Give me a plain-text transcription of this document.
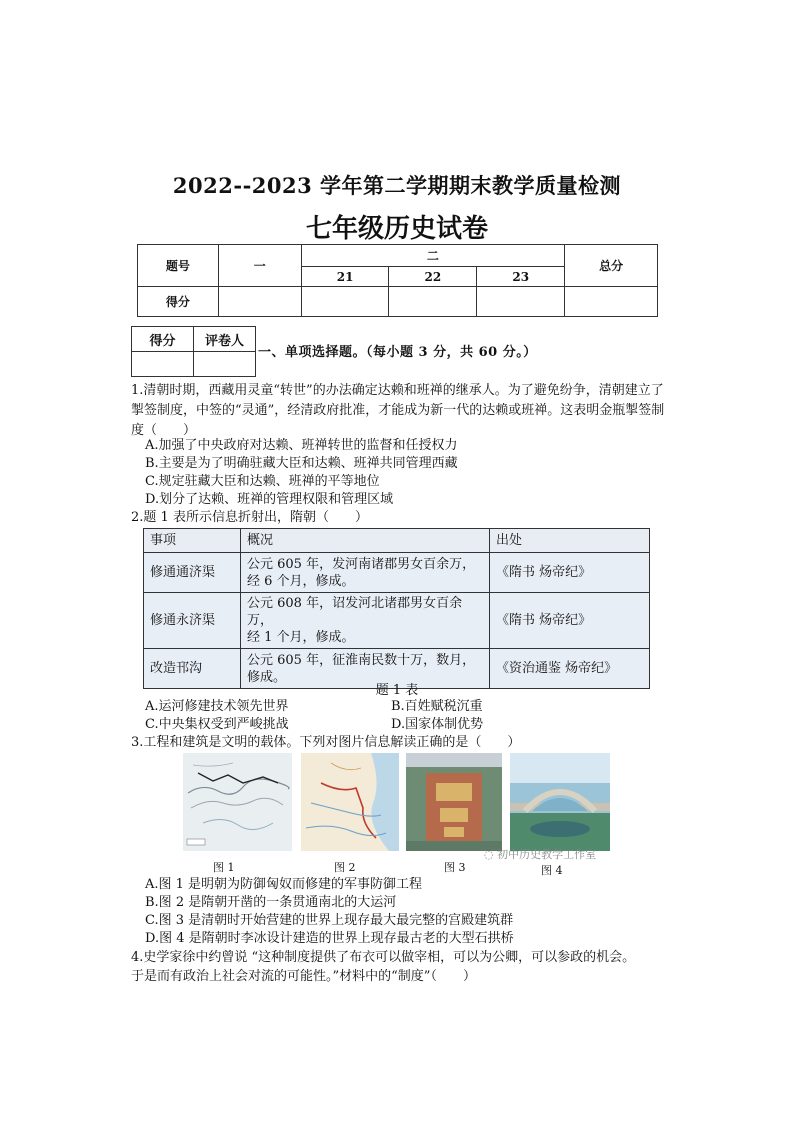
2022--2023 学年第二学期期末教学质量检测
七年级历史试卷
题号	一	二			总分
		21	22	23	
得分					
得分	评卷人

一、单项选择题。（每小题 3 分，共 60 分。）
1.清朝时期，西藏用灵童“转世”的办法确定达赖和班禅的继承人。为了避免纷争，清朝建立了掣签制度，中签的“灵通”，经清政府批准，才能成为新一代的达赖或班禅。这表明金瓶掣签制度（　　）
A.加强了中央政府对达赖、班禅转世的监督和任授权力
B.主要是为了明确驻藏大臣和达赖、班禅共同管理西藏
C.规定驻藏大臣和达赖、班禅的平等地位
D.划分了达赖、班禅的管理权限和管理区域
2.题 1 表所示信息折射出，隋朝（　　）
事项	概况	出处
修通通济渠	公元 605 年，发河南诸郡男女百余万，
经 6 个月，修成。	《隋书 炀帝纪》
修通永济渠	公元 608 年，诏发河北诸郡男女百余万，
经 1 个月，修成。	《隋书 炀帝纪》
改造邗沟	公元 605 年，征淮南民数十万，数月，
修成。	《资治通鉴 炀帝纪》
题 1 表
A.运河修建技术领先世界	B.百姓赋税沉重
C.中央集权受到严峻挑战	D.国家体制优势
3.工程和建筑是文明的载体。下列对图片信息解读正确的是（　　）
图 1	图 2	图 3	图 4
◌ 初中历史教学工作室
A.图 1 是明朝为防御匈奴而修建的军事防御工程
B.图 2 是隋朝开凿的一条贯通南北的大运河
C.图 3 是清朝时开始营建的世界上现存最大最完整的宫殿建筑群
D.图 4 是隋朝时李冰设计建造的世界上现存最古老的大型石拱桥
4.史学家徐中约曾说 “这种制度提供了布衣可以做宰相，可以为公卿，可以参政的机会。
于是而有政治上社会对流的可能性。”材料中的“制度”（　　）
